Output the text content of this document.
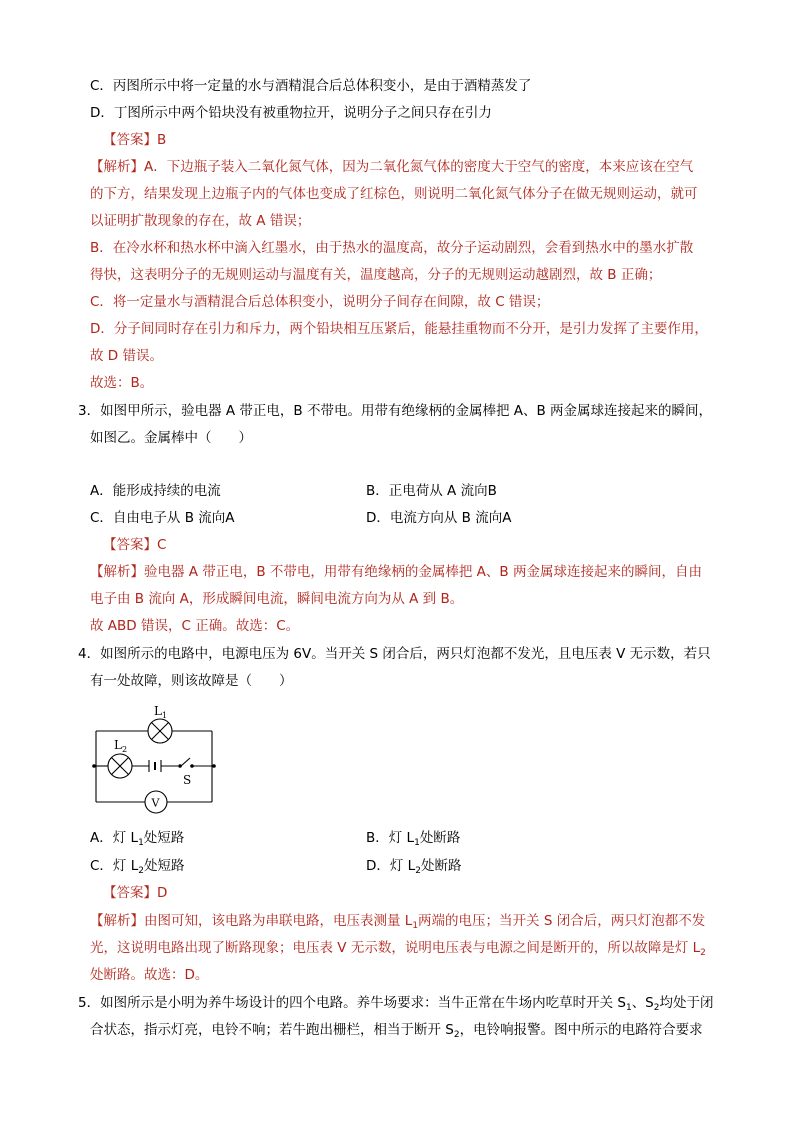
C．丙图所示中将一定量的水与酒精混合后总体积变小，是由于酒精蒸发了
D．丁图所示中两个铅块没有被重物拉开，说明分子之间只存在引力
【答案】B
【解析】A．下边瓶子装入二氧化氮气体，因为二氧化氮气体的密度大于空气的密度，本来应该在空气
的下方，结果发现上边瓶子内的气体也变成了红棕色，则说明二氧化氮气体分子在做无规则运动，就可
以证明扩散现象的存在，故 A 错误；
B．在冷水杯和热水杯中滴入红墨水，由于热水的温度高，故分子运动剧烈，会看到热水中的墨水扩散
得快，这表明分子的无规则运动与温度有关，温度越高，分子的无规则运动越剧烈，故 B 正确；
C．将一定量水与酒精混合后总体积变小，说明分子间存在间隙，故 C 错误；
D．分子间同时存在引力和斥力，两个铅块相互压紧后，能悬挂重物而不分开，是引力发挥了主要作用，
故 D 错误。
故选：B。
3．如图甲所示，验电器 A 带正电，B 不带电。用带有绝缘柄的金属棒把 A、B 两金属球连接起来的瞬间，
如图乙。金属棒中（　　）
A．能形成持续的电流	B．正电荷从 A 流向B
C．自由电子从 B 流向A	D．电流方向从 B 流向A
【答案】C
【解析】验电器 A 带正电，B 不带电，用带有绝缘柄的金属棒把 A、B 两金属球连接起来的瞬间，自由
电子由 B 流向 A，形成瞬间电流，瞬间电流方向为从 A 到 B。
故 ABD 错误，C 正确。故选：C。
4．如图所示的电路中，电源电压为 6V。当开关 S 闭合后，两只灯泡都不发光，且电压表 V 无示数，若只
有一处故障，则该故障是（　　）
$L_1$
$L_2$
S
V
A．灯 $L_1$处短路	B．灯 $L_1$处断路
C．灯 $L_2$处短路	D．灯 $L_2$处断路
【答案】D
【解析】由图可知，该电路为串联电路，电压表测量 $L_1$两端的电压；当开关 S 闭合后，两只灯泡都不发
光，这说明电路出现了断路现象；电压表 V 无示数，说明电压表与电源之间是断开的，所以故障是灯 $L_2$
处断路。故选：D。
5．如图所示是小明为养牛场设计的四个电路。养牛场要求：当牛正常在牛场内吃草时开关 $S_1$、$S_2$均处于闭
合状态，指示灯亮，电铃不响；若牛跑出栅栏，相当于断开 $S_2$，电铃响报警。图中所示的电路符合要求
